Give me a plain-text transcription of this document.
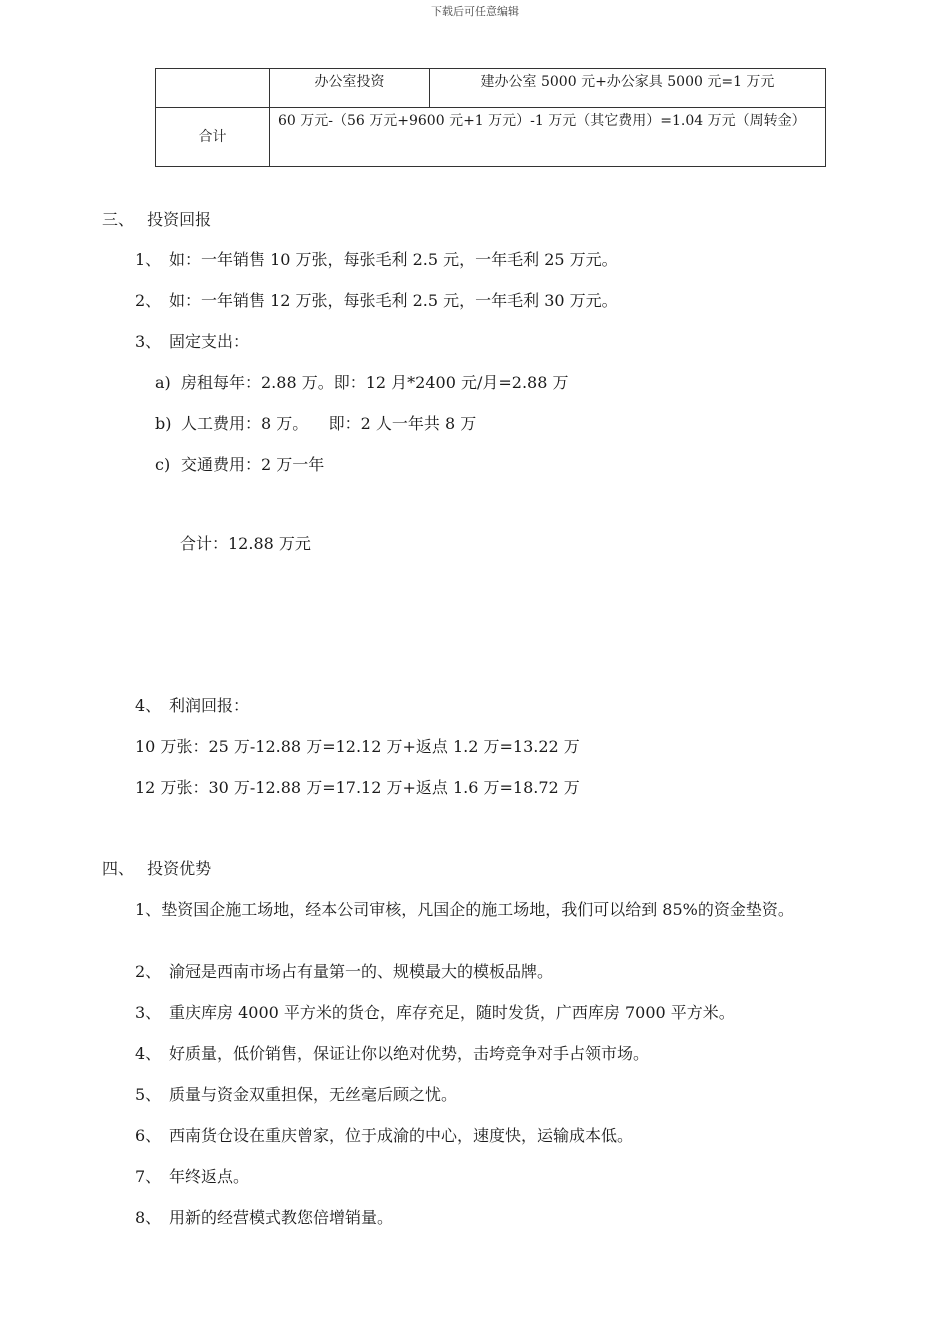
下载后可任意编辑
	办公室投资	建办公室 5000 元+办公家具 5000 元=1 万元
合计	60 万元-（56 万元+9600 元+1 万元）-1 万元（其它费用）=1.04 万元（周转金）	
三、 投资回报
1、 如：一年销售 10 万张，每张毛利 2.5 元，一年毛利 25 万元。
2、 如：一年销售 12 万张，每张毛利 2.5 元，一年毛利 30 万元。
3、 固定支出：
a) 房租每年：2.88 万。即：12 月*2400 元/月=2.88 万
b) 人工费用：8 万。    即：2 人一年共 8 万
c) 交通费用：2 万一年
合计：12.88 万元
4、 利润回报：
10 万张：25 万-12.88 万=12.12 万+返点 1.2 万=13.22 万
12 万张：30 万-12.88 万=17.12 万+返点 1.6 万=18.72 万
四、 投资优势
1、垫资国企施工场地，经本公司审核，凡国企的施工场地，我们可以给到 85%的资金垫资。
2、 渝冠是西南市场占有量第一的、规模最大的模板品牌。
3、 重庆库房 4000 平方米的货仓，库存充足，随时发货，广西库房 7000 平方米。
4、 好质量，低价销售，保证让你以绝对优势，击垮竞争对手占领市场。
5、 质量与资金双重担保，无丝毫后顾之忧。
6、 西南货仓设在重庆曾家，位于成渝的中心，速度快，运输成本低。
7、 年终返点。
8、 用新的经营模式教您倍增销量。
